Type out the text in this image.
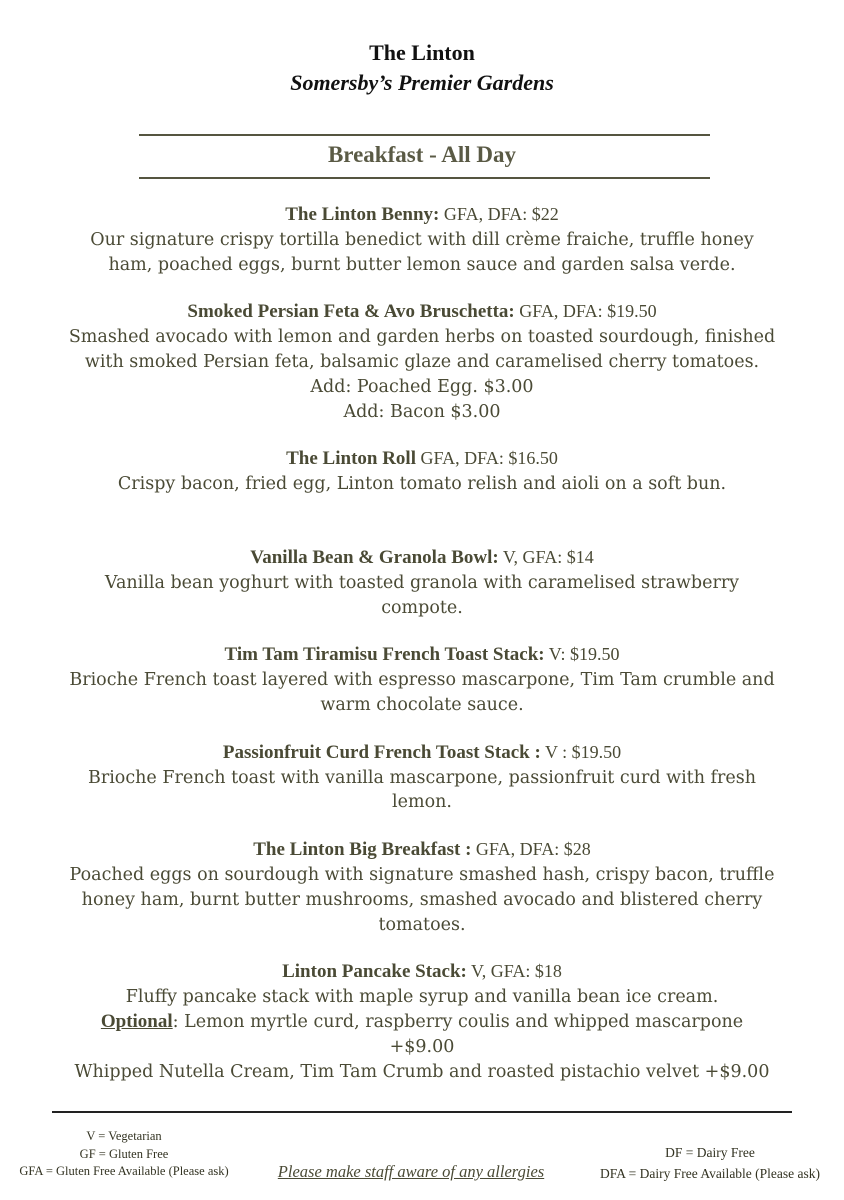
The Linton
Somersby’s Premier Gardens
Breakfast - All Day
The Linton Benny: GFA, DFA: $22
Our signature crispy tortilla benedict with dill crème fraiche, truffle honey
ham, poached eggs, burnt butter lemon sauce and garden salsa verde.
Smoked Persian Feta & Avo Bruschetta: GFA, DFA: $19.50
Smashed avocado with lemon and garden herbs on toasted sourdough, finished
with smoked Persian feta, balsamic glaze and caramelised cherry tomatoes.
Add: Poached Egg. $3.00
Add: Bacon $3.00
The Linton Roll GFA, DFA: $16.50
Crispy bacon, fried egg, Linton tomato relish and aioli on a soft bun.
Vanilla Bean & Granola Bowl: V, GFA: $14
Vanilla bean yoghurt with toasted granola with caramelised strawberry
compote.
Tim Tam Tiramisu French Toast Stack: V: $19.50
Brioche French toast layered with espresso mascarpone, Tim Tam crumble and
warm chocolate sauce.
Passionfruit Curd French Toast Stack : V : $19.50
Brioche French toast with vanilla mascarpone, passionfruit curd with fresh
lemon.
The Linton Big Breakfast : GFA, DFA: $28
Poached eggs on sourdough with signature smashed hash, crispy bacon, truffle
honey ham, burnt butter mushrooms, smashed avocado and blistered cherry
tomatoes.
Linton Pancake Stack: V, GFA: $18
Fluffy pancake stack with maple syrup and vanilla bean ice cream.
Optional: Lemon myrtle curd, raspberry coulis and whipped mascarpone
+$9.00
Whipped Nutella Cream, Tim Tam Crumb and roasted pistachio velvet +$9.00
V = Vegetarian
GF = Gluten Free
GFA = Gluten Free Available (Please ask)	Please make staff aware of any allergies
DF = Dairy Free
DFA = Dairy Free Available (Please ask)
